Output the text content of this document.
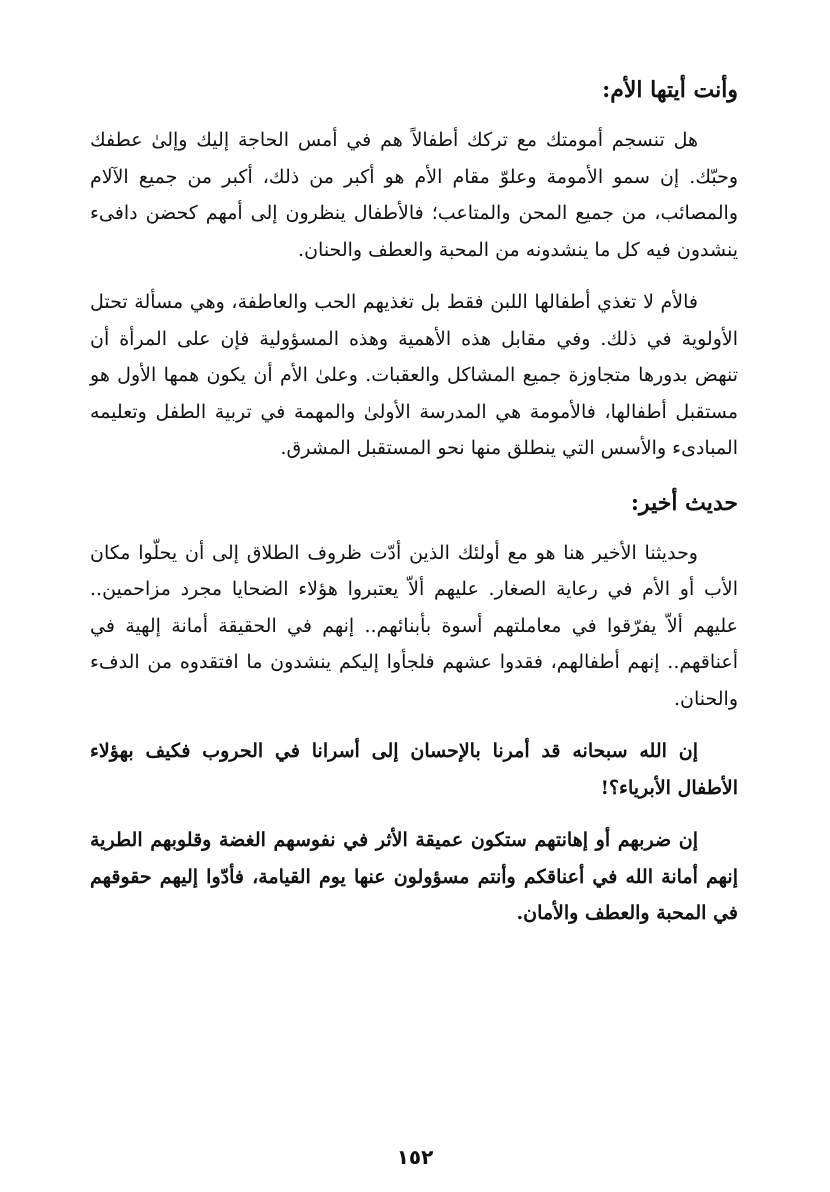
وأنت أيتها الأم:

هل تنسجم أمومتك مع تركك أطفالاً هم في أمس الحاجة إليك وإلىٰ عطفك وحبّك. إن سمو الأمومة وعلوّ مقام الأم هو أكبر من ذلك، أكبر من جميع الآلام والمصائب، من جميع المحن والمتاعب؛ فالأطفال ينظرون إلى أمهم كحضن دافىء ينشدون فيه كل ما ينشدونه من المحبة والعطف والحنان.

فالأم لا تغذي أطفالها اللبن فقط بل تغذيهم الحب والعاطفة، وهي مسألة تحتل الأولوية في ذلك. وفي مقابل هذه الأهمية وهذه المسؤولية فإن على المرأة أن تنهض بدورها متجاوزة جميع المشاكل والعقبات. وعلىٰ الأم أن يكون همها الأول هو مستقبل أطفالها، فالأمومة هي المدرسة الأولىٰ والمهمة في تربية الطفل وتعليمه المبادىء والأسس التي ينطلق منها نحو المستقبل المشرق.

حديث أخير:

وحديثنا الأخير هنا هو مع أولئك الذين أدّت ظروف الطلاق إلى أن يحلّوا مكان الأب أو الأم في رعاية الصغار. عليهم ألاّ يعتبروا هؤلاء الضحايا مجرد مزاحمين.. عليهم ألاّ يفرّقوا في معاملتهم أسوة بأبنائهم.. إنهم في الحقيقة أمانة إلهية في أعناقهم.. إنهم أطفالهم، فقدوا عشهم فلجأوا إليكم ينشدون ما افتقدوه من الدفء والحنان.

إن الله سبحانه قد أمرنا بالإحسان إلى أسرانا في الحروب فكيف بهؤلاء الأطفال الأبرياء؟!

إن ضربهم أو إهانتهم ستكون عميقة الأثر في نفوسهم الغضة وقلوبهم الطرية إنهم أمانة الله في أعناقكم وأنتم مسؤولون عنها يوم القيامة، فأدّوا إليهم حقوقهم في المحبة والعطف والأمان.

١٥٢
